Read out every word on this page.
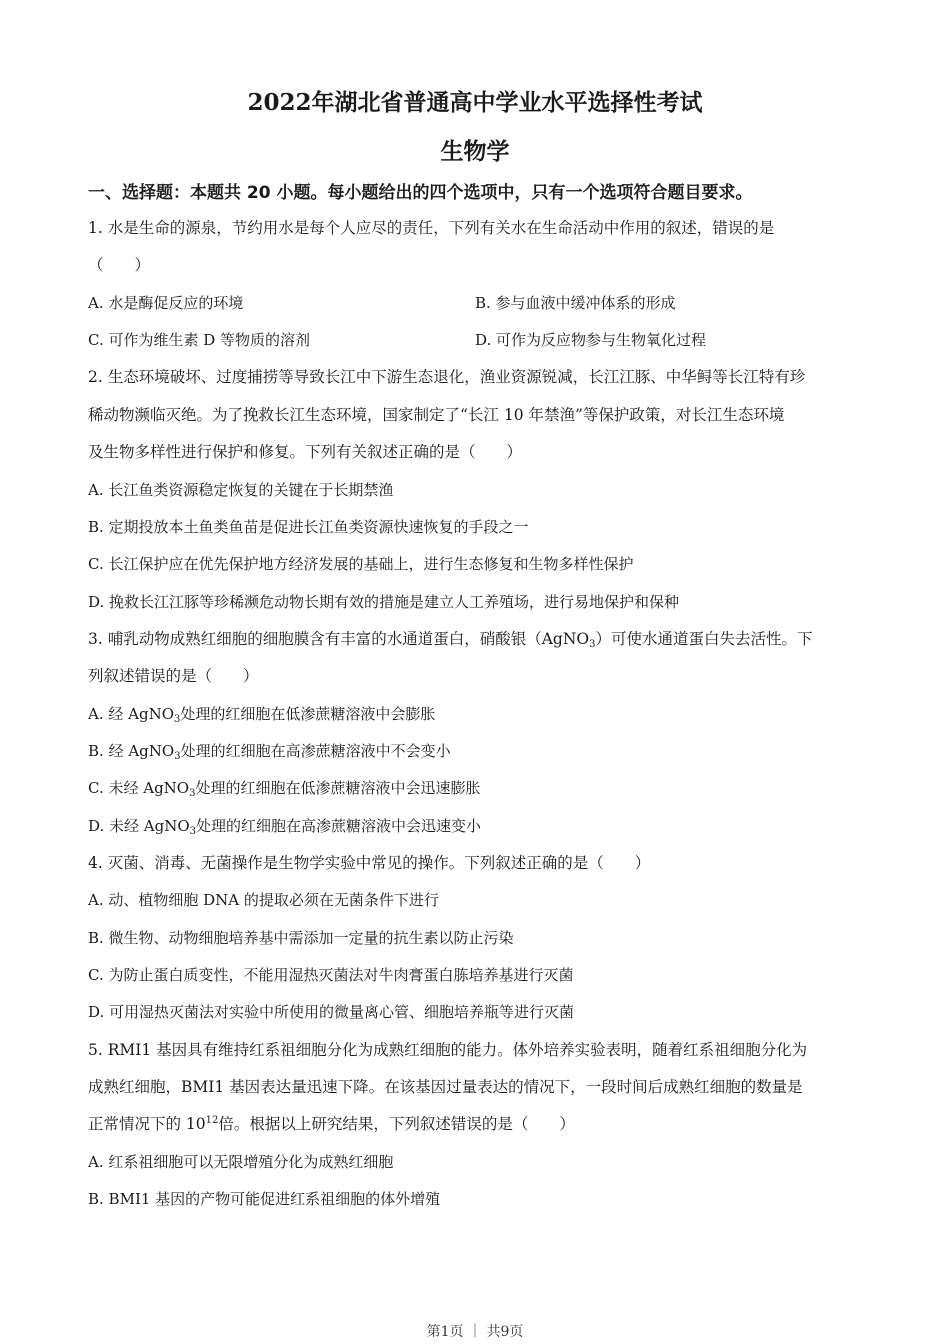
2022年湖北省普通高中学业水平选择性考试
生物学
一、选择题：本题共 20 小题。每小题给出的四个选项中，只有一个选项符合题目要求。
1. 水是生命的源泉，节约用水是每个人应尽的责任，下列有关水在生命活动中作用的叙述，错误的是
（　　）
A. 水是酶促反应的环境	B. 参与血液中缓冲体系的形成
C. 可作为维生素 D 等物质的溶剂	D. 可作为反应物参与生物氧化过程
2. 生态环境破坏、过度捕捞等导致长江中下游生态退化，渔业资源锐减，长江江豚、中华鲟等长江特有珍
稀动物濒临灭绝。为了挽救长江生态环境，国家制定了“长江 10 年禁渔”等保护政策，对长江生态环境
及生物多样性进行保护和修复。下列有关叙述正确的是（　　）
A. 长江鱼类资源稳定恢复的关键在于长期禁渔
B. 定期投放本土鱼类鱼苗是促进长江鱼类资源快速恢复的手段之一
C. 长江保护应在优先保护地方经济发展的基础上，进行生态修复和生物多样性保护
D. 挽救长江江豚等珍稀濒危动物长期有效的措施是建立人工养殖场，进行易地保护和保种
3. 哺乳动物成熟红细胞的细胞膜含有丰富的水通道蛋白，硝酸银（AgNO$_3$）可使水通道蛋白失去活性。下
列叙述错误的是（　　）
A. 经 AgNO$_3$处理的红细胞在低渗蔗糖溶液中会膨胀
B. 经 AgNO$_3$处理的红细胞在高渗蔗糖溶液中不会变小
C. 未经 AgNO$_3$处理的红细胞在低渗蔗糖溶液中会迅速膨胀
D. 未经 AgNO$_3$处理的红细胞在高渗蔗糖溶液中会迅速变小
4. 灭菌、消毒、无菌操作是生物学实验中常见的操作。下列叙述正确的是（　　）
A. 动、植物细胞 DNA 的提取必须在无菌条件下进行
B. 微生物、动物细胞培养基中需添加一定量的抗生素以防止污染
C. 为防止蛋白质变性，不能用湿热灭菌法对牛肉膏蛋白胨培养基进行灭菌
D. 可用湿热灭菌法对实验中所使用的微量离心管、细胞培养瓶等进行灭菌
5. RMI1 基因具有维持红系祖细胞分化为成熟红细胞的能力。体外培养实验表明，随着红系祖细胞分化为
成熟红细胞，BMI1 基因表达量迅速下降。在该基因过量表达的情况下，一段时间后成熟红细胞的数量是
正常情况下的 $10^{12}$倍。根据以上研究结果，下列叙述错误的是（　　）
A. 红系祖细胞可以无限增殖分化为成熟红细胞
B. BMI1 基因的产物可能促进红系祖细胞的体外增殖
第1页 ｜ 共9页
